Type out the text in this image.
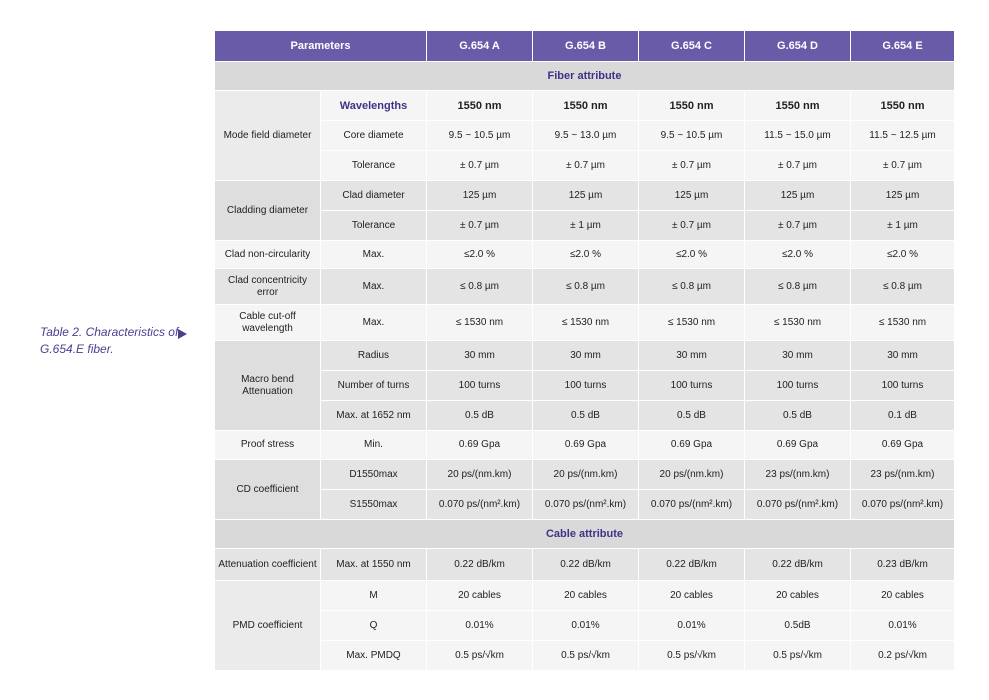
Table 2. Characteristics of G.654.E fiber.
Parameters		G.654 A	G.654 B	G.654 C	G.654 D	G.654 E
Fiber attribute						
Mode field diameter	Wavelengths	1550 nm	1550 nm	1550 nm	1550 nm	1550 nm
	Core diamete	9.5 ~ 10.5 µm	9.5 ~ 13.0 µm	9.5 ~ 10.5 µm	11.5 ~ 15.0 µm	11.5 ~ 12.5 µm
	Tolerance	± 0.7 µm	± 0.7 µm	± 0.7 µm	± 0.7 µm	± 0.7 µm
Cladding diameter	Clad diameter	125 µm	125 µm	125 µm	125 µm	125 µm
	Tolerance	± 0.7 µm	± 1 µm	± 0.7 µm	± 0.7 µm	± 1 µm
Clad non-circularity	Max.	≤2.0 %	≤2.0 %	≤2.0 %	≤2.0 %	≤2.0 %
Clad concentricity error	Max.	≤ 0.8 µm	≤ 0.8 µm	≤ 0.8 µm	≤ 0.8 µm	≤ 0.8 µm
Cable cut-off wavelength	Max.	≤ 1530 nm	≤ 1530 nm	≤ 1530 nm	≤ 1530 nm	≤ 1530 nm
Macro bend Attenuation	Radius	30 mm	30 mm	30 mm	30 mm	30 mm
	Number of turns	100 turns	100 turns	100 turns	100 turns	100 turns
	Max. at 1652 nm	0.5 dB	0.5 dB	0.5 dB	0.5 dB	0.1 dB
Proof stress	Min.	0.69 Gpa	0.69 Gpa	0.69 Gpa	0.69 Gpa	0.69 Gpa
CD coefficient	D1550max	20 ps/(nm.km)	20 ps/(nm.km)	20 ps/(nm.km)	23 ps/(nm.km)	23 ps/(nm.km)
	S1550max	0.070 ps/(nm².km)	0.070 ps/(nm².km)	0.070 ps/(nm².km)	0.070 ps/(nm².km)	0.070 ps/(nm².km)
Cable attribute						
Attenuation coefficient	Max. at 1550 nm	0.22 dB/km	0.22 dB/km	0.22 dB/km	0.22 dB/km	0.23 dB/km
PMD coefficient	M	20 cables	20 cables	20 cables	20 cables	20 cables
	Q	0.01%	0.01%	0.01%	0.5dB	0.01%
	Max. PMDQ	0.5 ps/√km	0.5 ps/√km	0.5 ps/√km	0.5 ps/√km	0.2 ps/√km
